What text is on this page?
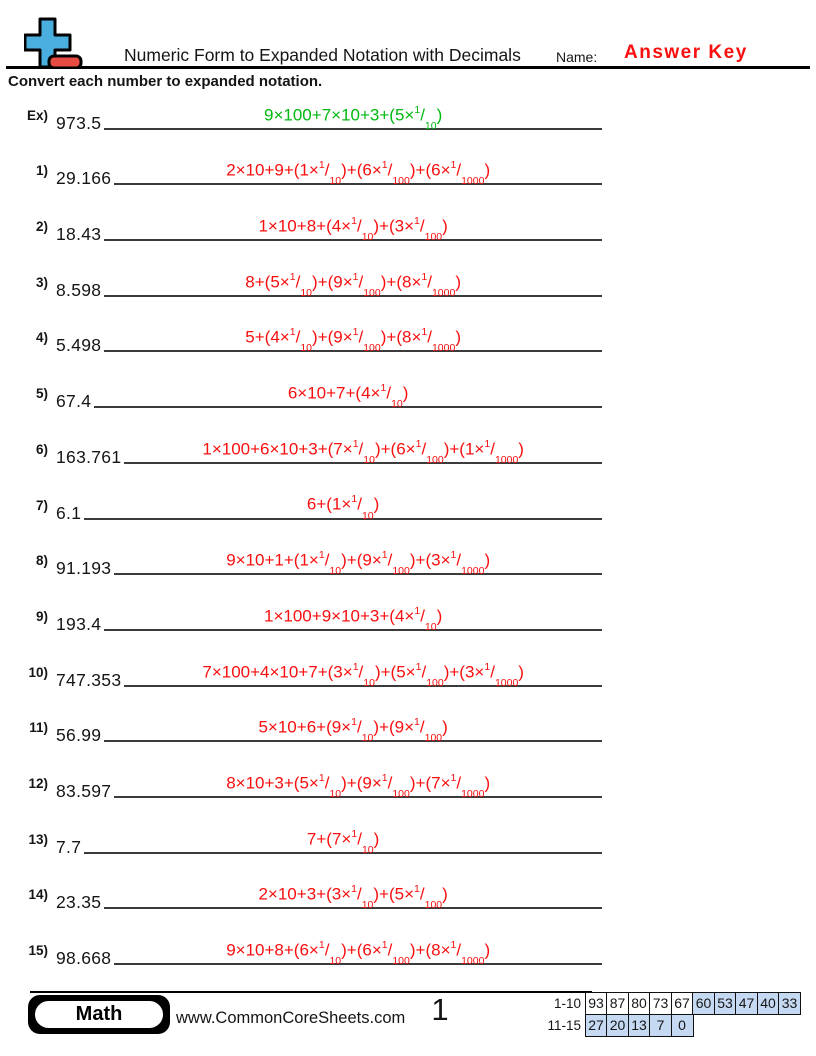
Numeric Form to Expanded Notation with Decimals	Name: Answer Key
Convert each number to expanded notation.
Ex) 973.5	$9\times 100+7\times 10+3+(5\times^1/_{10})$
1) 29.166	$2\times 10+9+(1\times^1/_{10})+(6\times^1/_{100})+(6\times^1/_{1000})$
2) 18.43	$1\times 10+8+(4\times^1/_{10})+(3\times^1/_{100})$
3) 8.598	$8+(5\times^1/_{10})+(9\times^1/_{100})+(8\times^1/_{1000})$
4) 5.498	$5+(4\times^1/_{10})+(9\times^1/_{100})+(8\times^1/_{1000})$
5) 67.4	$6\times 10+7+(4\times^1/_{10})$
6) 163.761	$1\times 100+6\times 10+3+(7\times^1/_{10})+(6\times^1/_{100})+(1\times^1/_{1000})$
7) 6.1	$6+(1\times^1/_{10})$
8) 91.193	$9\times 10+1+(1\times^1/_{10})+(9\times^1/_{100})+(3\times^1/_{1000})$
9) 193.4	$1\times 100+9\times 10+3+(4\times^1/_{10})$
10) 747.353	$7\times 100+4\times 10+7+(3\times^1/_{10})+(5\times^1/_{100})+(3\times^1/_{1000})$
11) 56.99	$5\times 10+6+(9\times^1/_{10})+(9\times^1/_{100})$
12) 83.597	$8\times 10+3+(5\times^1/_{10})+(9\times^1/_{100})+(7\times^1/_{1000})$
13) 7.7	$7+(7\times^1/_{10})$
14) 23.35	$2\times 10+3+(3\times^1/_{10})+(5\times^1/_{100})$
15) 98.668	$9\times 10+8+(6\times^1/_{10})+(6\times^1/_{100})+(8\times^1/_{1000})$
Math	www.CommonCoreSheets.com 1	1-10 93 87 80 73 67 60 53 47 40 33
11-15 27 20 13 7 0
